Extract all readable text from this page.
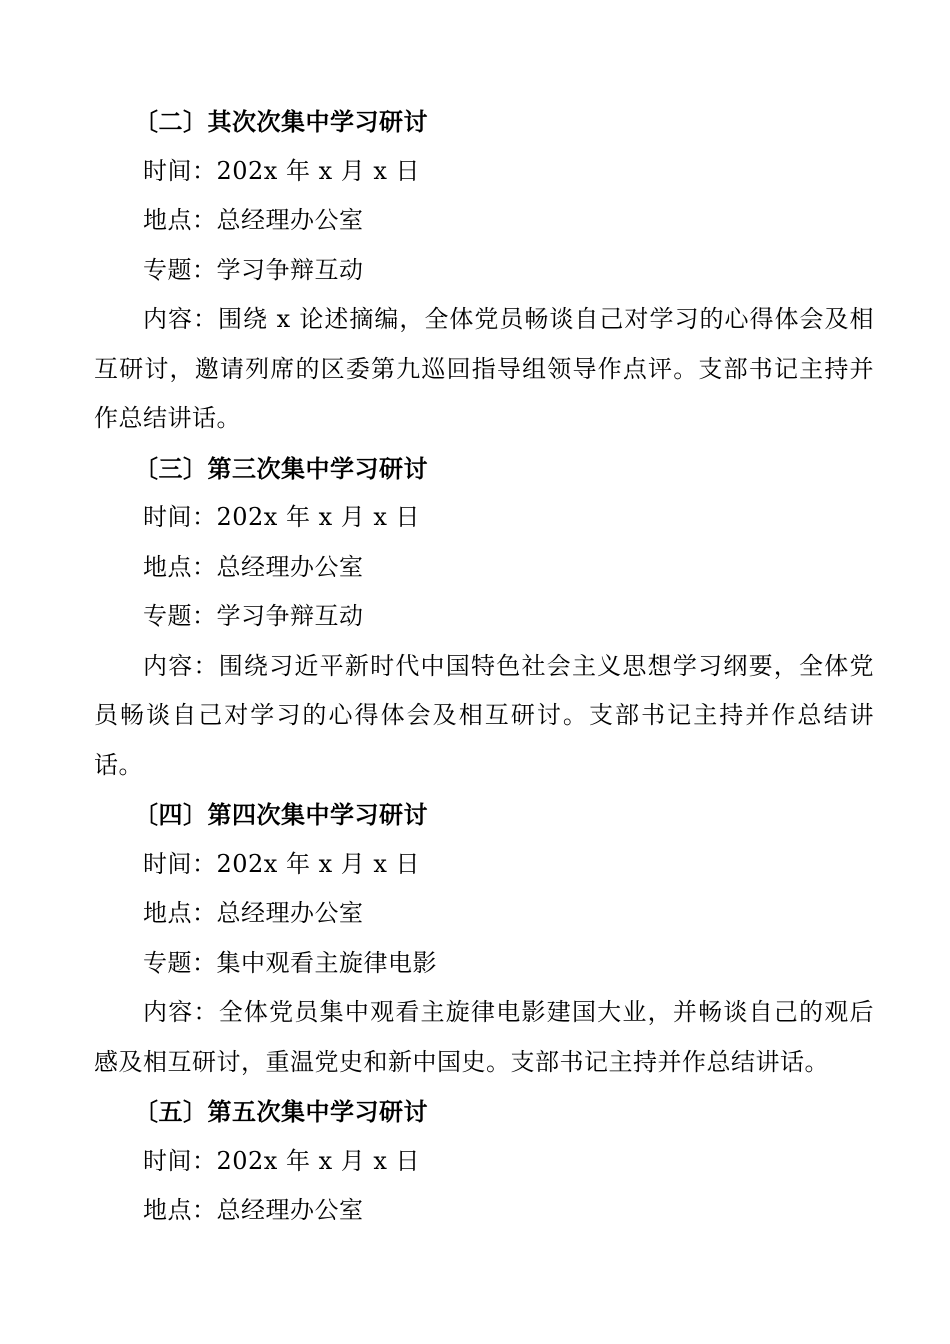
〔二〕其次次集中学习研讨

时间：202x 年 x 月 x 日

地点：总经理办公室

专题：学习争辩互动

内容：围绕 x 论述摘编，全体党员畅谈自己对学习的心得体会及相互研讨，邀请列席的区委第九巡回指导组领导作点评。支部书记主持并作总结讲话。

〔三〕第三次集中学习研讨

时间：202x 年 x 月 x 日

地点：总经理办公室

专题：学习争辩互动

内容：围绕习近平新时代中国特色社会主义思想学习纲要，全体党员畅谈自己对学习的心得体会及相互研讨。支部书记主持并作总结讲话。

〔四〕第四次集中学习研讨

时间：202x 年 x 月 x 日

地点：总经理办公室

专题：集中观看主旋律电影

内容：全体党员集中观看主旋律电影建国大业，并畅谈自己的观后感及相互研讨，重温党史和新中国史。支部书记主持并作总结讲话。

〔五〕第五次集中学习研讨

时间：202x 年 x 月 x 日

地点：总经理办公室
